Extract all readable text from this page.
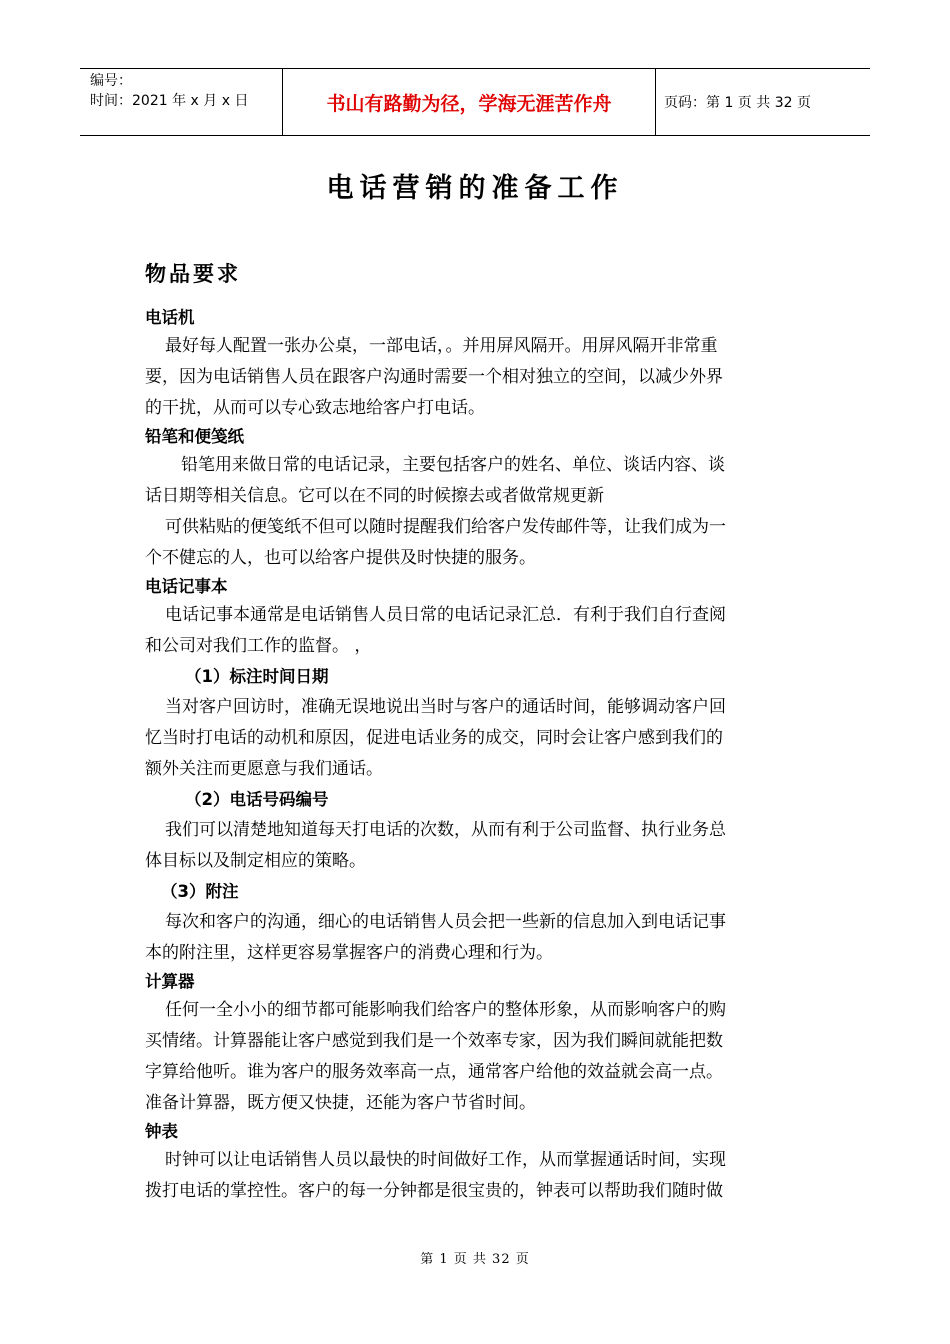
编号：
时间：2021 年 x 月 x 日	书山有路勤为径，学海无涯苦作舟	页码：第 1 页 共 32 页
电话营销的准备工作
物品要求
电话机
最好每人配置一张办公桌，一部电话，。并用屏风隔开。用屏风隔开非常重
要，因为电话销售人员在跟客户沟通时需要一个相对独立的空间，以减少外界
的干扰，从而可以专心致志地给客户打电话。
铅笔和便笺纸
铅笔用来做日常的电话记录，主要包括客户的姓名、单位、谈话内容、谈
话日期等相关信息。它可以在不同的时候擦去或者做常规更新
可供粘贴的便笺纸不但可以随时提醒我们给客户发传邮件等，让我们成为一
个不健忘的人，也可以给客户提供及时快捷的服务。
电话记事本
电话记事本通常是电话销售人员日常的电话记录汇总．有利于我们自行查阅
和公司对我们工作的监督。 ，
（1）标注时间日期
当对客户回访时，准确无误地说出当时与客户的通话时间，能够调动客户回
忆当时打电话的动机和原因，促进电话业务的成交，同时会让客户感到我们的
额外关注而更愿意与我们通话。
（2）电话号码编号
我们可以清楚地知道每天打电话的次数，从而有利于公司监督、执行业务总
体目标以及制定相应的策略。
（3）附注
每次和客户的沟通，细心的电话销售人员会把一些新的信息加入到电话记事
本的附注里，这样更容易掌握客户的消费心理和行为。
计算器
任何一全小小的细节都可能影响我们给客户的整体形象，从而影响客户的购
买情绪。计算器能让客户感觉到我们是一个效率专家，因为我们瞬间就能把数
字算给他听。谁为客户的服务效率高一点，通常客户给他的效益就会高一点。
准备计算器，既方便又快捷，还能为客户节省时间。
钟表
时钟可以让电话销售人员以最快的时间做好工作，从而掌握通话时间，实现
拨打电话的掌控性。客户的每一分钟都是很宝贵的，钟表可以帮助我们随时做
第 1 页 共 32 页
